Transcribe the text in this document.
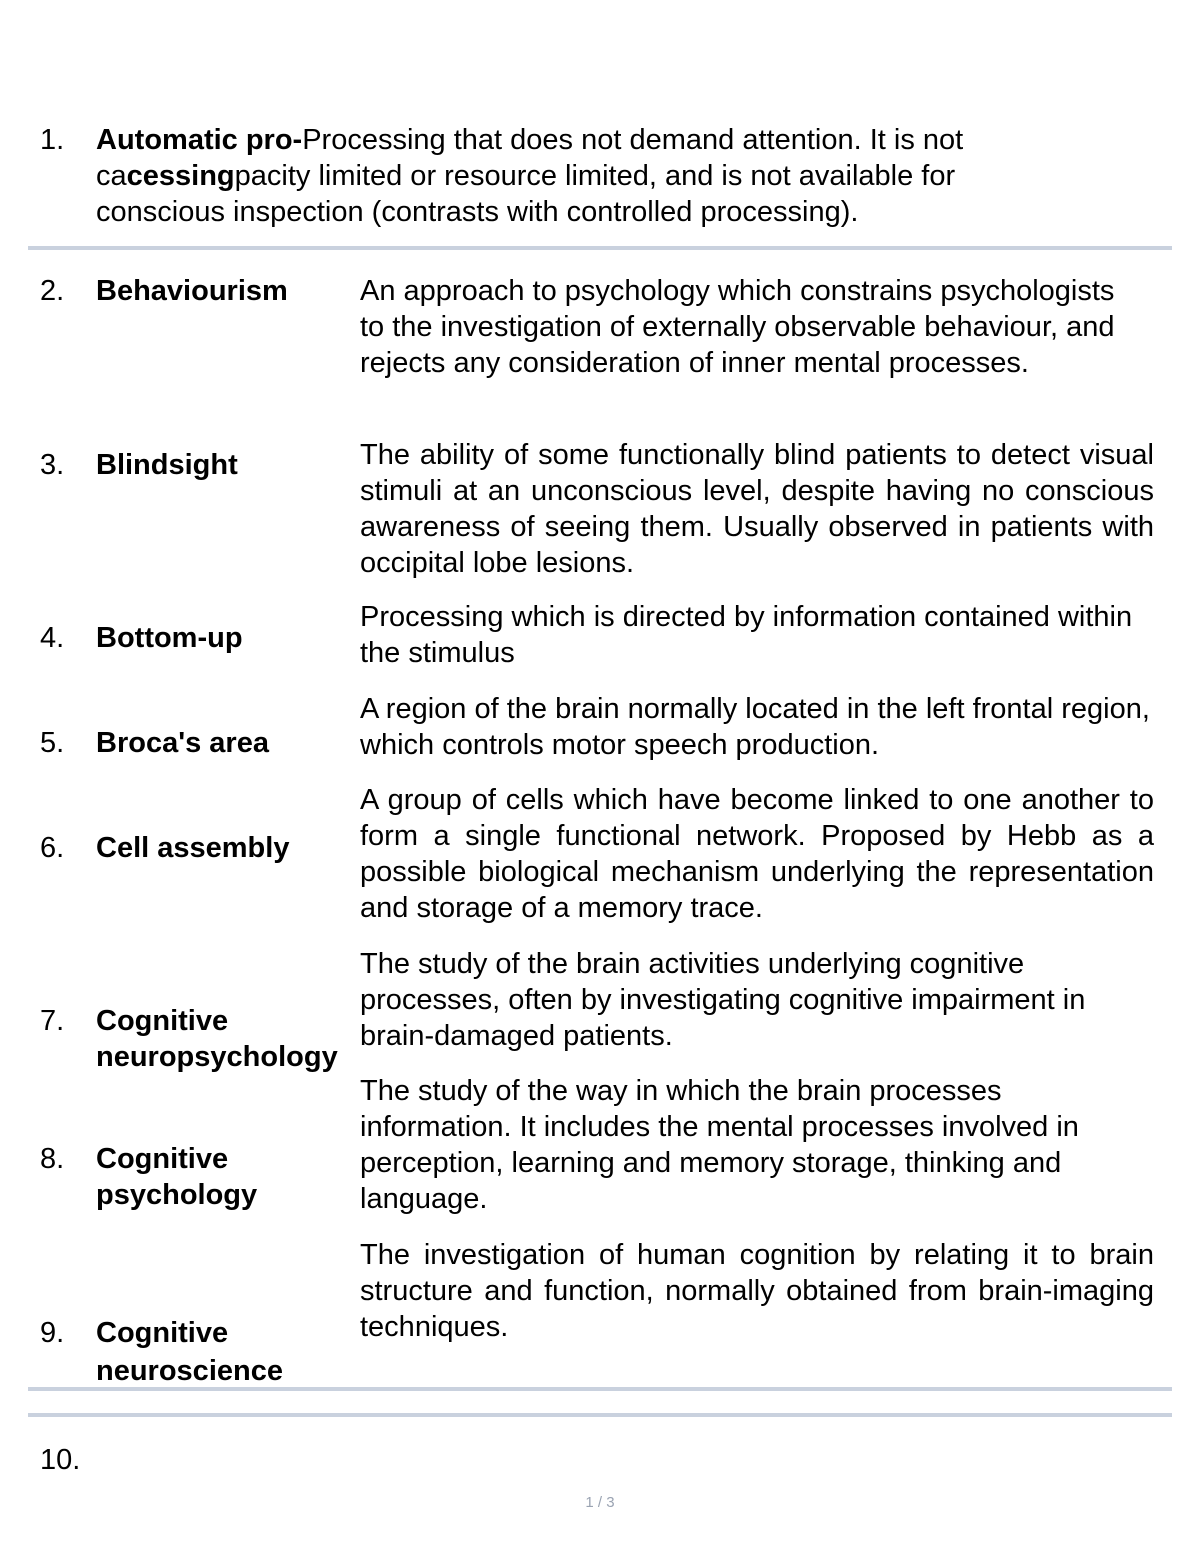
1. Automatic pro-Processing that does not demand attention. It is not
cacessingpacity limited or resource limited, and is not available for
conscious inspection (contrasts with controlled processing).
2. Behaviourism An approach to psychology which constrains psychologists to the investigation of externally observable behaviour, and rejects any consideration of inner mental processes.
3. Blindsight	The ability of some functionally blind patients to detect visual stimuli at an unconscious level, despite having no conscious awareness of seeing them. Usually observed in patients with occipital lobe lesions.
4. Bottom-up
Processing which is directed by information contained within the stimulus
5. Broca's area
A region of the brain normally located in the left frontal region, which controls motor speech production.
6. Cell assembly
A group of cells which have become linked to one another to form a single functional network. Proposed by Hebb as a possible biological mechanism underlying the representation and storage of a memory trace.
7. Cognitive
neuropsychology
The study of the brain activities underlying cognitive processes, often by investigating cognitive impairment in brain-damaged patients.
8. Cognitive
psychology
The study of the way in which the brain processes information. It includes the mental processes involved in perception, learning and memory storage, thinking and language.
9. Cognitive
neuroscience
The investigation of human cognition by relating it to brain structure and function, normally obtained from brain-imaging techniques.
10.
1 / 3
